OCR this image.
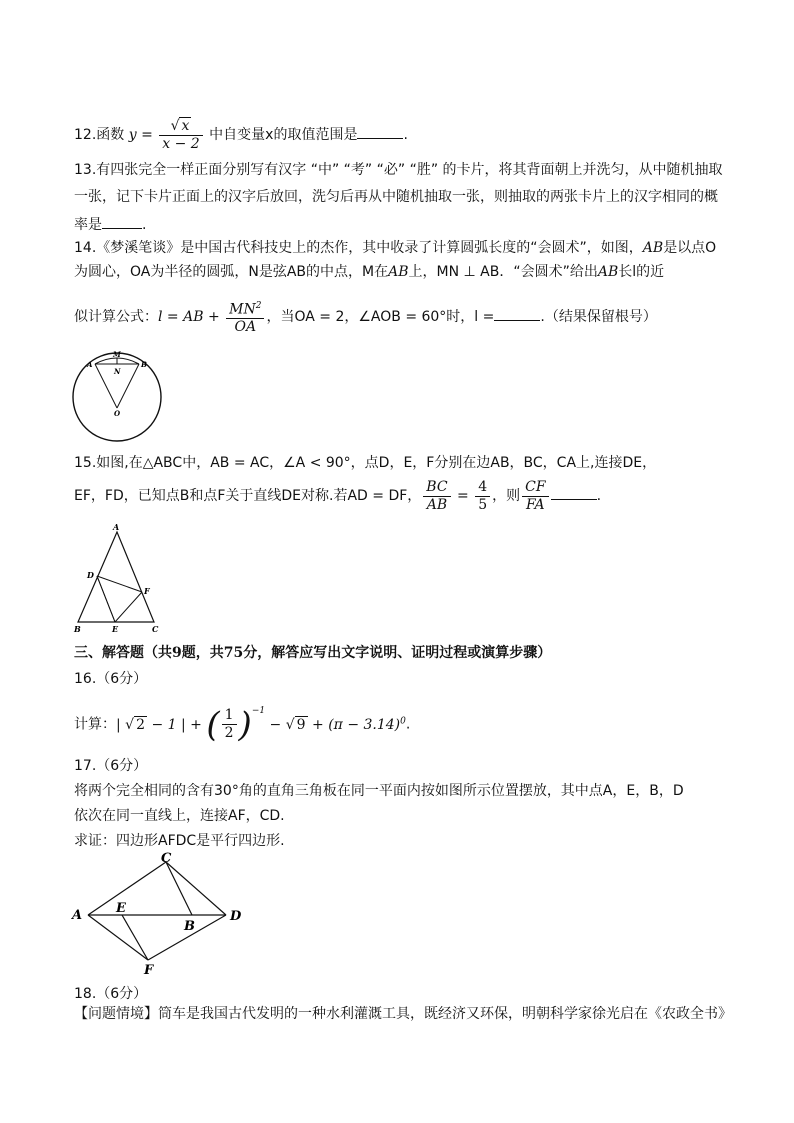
12.函数 $y = \frac{√ x}{x - 2}$ 中自变量x的取值范围是	.
13.有四张完全一样正面分别写有汉字 “中” “考” “必” “胜” 的卡片，将其背面朝上并洗匀，从中随机抽取
一张，记下卡片正面上的汉字后放回，洗匀后再从中随机抽取一张，则抽取的两张卡片上的汉字相同的概
率是	.
14.《梦溪笔谈》是中国古代科技史上的杰作，其中收录了计算圆弧长度的“会圆术”，如图，AB是以点O
为圆心，OA为半径的圆弧，N是弦AB的中点，M在AB上，MN ⊥ AB．“会圆术”给出AB长l的近
似计算公式：l = AB + $\frac{MN^2}{OA}$ ，当OA = 2，∠AOB = 60°时，l =	.（结果保留根号）
A
M
B
N
O
15.如图,在△ABC中，AB = AC，∠A < 90°，点D，E，F分别在边AB，BC，CA上,连接DE，
EF，FD，已知点B和点F关于直线DE对称.若AD = DF， $\frac{BC}{AB} = \frac{4}{5}$ ，则 $\frac{CF}{FA}$	.
A
D
F
B	E	C
三、解答题（共9题，共75分，解答应写出文字说明、证明过程或演算步骤）
16.（6分）
计算：| √ 2 − 1 | + ( $\frac{1}{2} )^{-1}$ − √ $9 + (\pi - 3.14)^0$.
17.（6分）
将两个完全相同的含有30°角的直角三角板在同一平面内按如图所示位置摆放，其中点A，E，B，D
依次在同一直线上，连接AF，CD.
求证：四边形AFDC是平行四边形.
C
A	E
B
D
F
18.（6分）
【问题情境】筒车是我国古代发明的一种水利灌溉工具，既经济又环保，明朝科学家徐光启在《农政全书》
